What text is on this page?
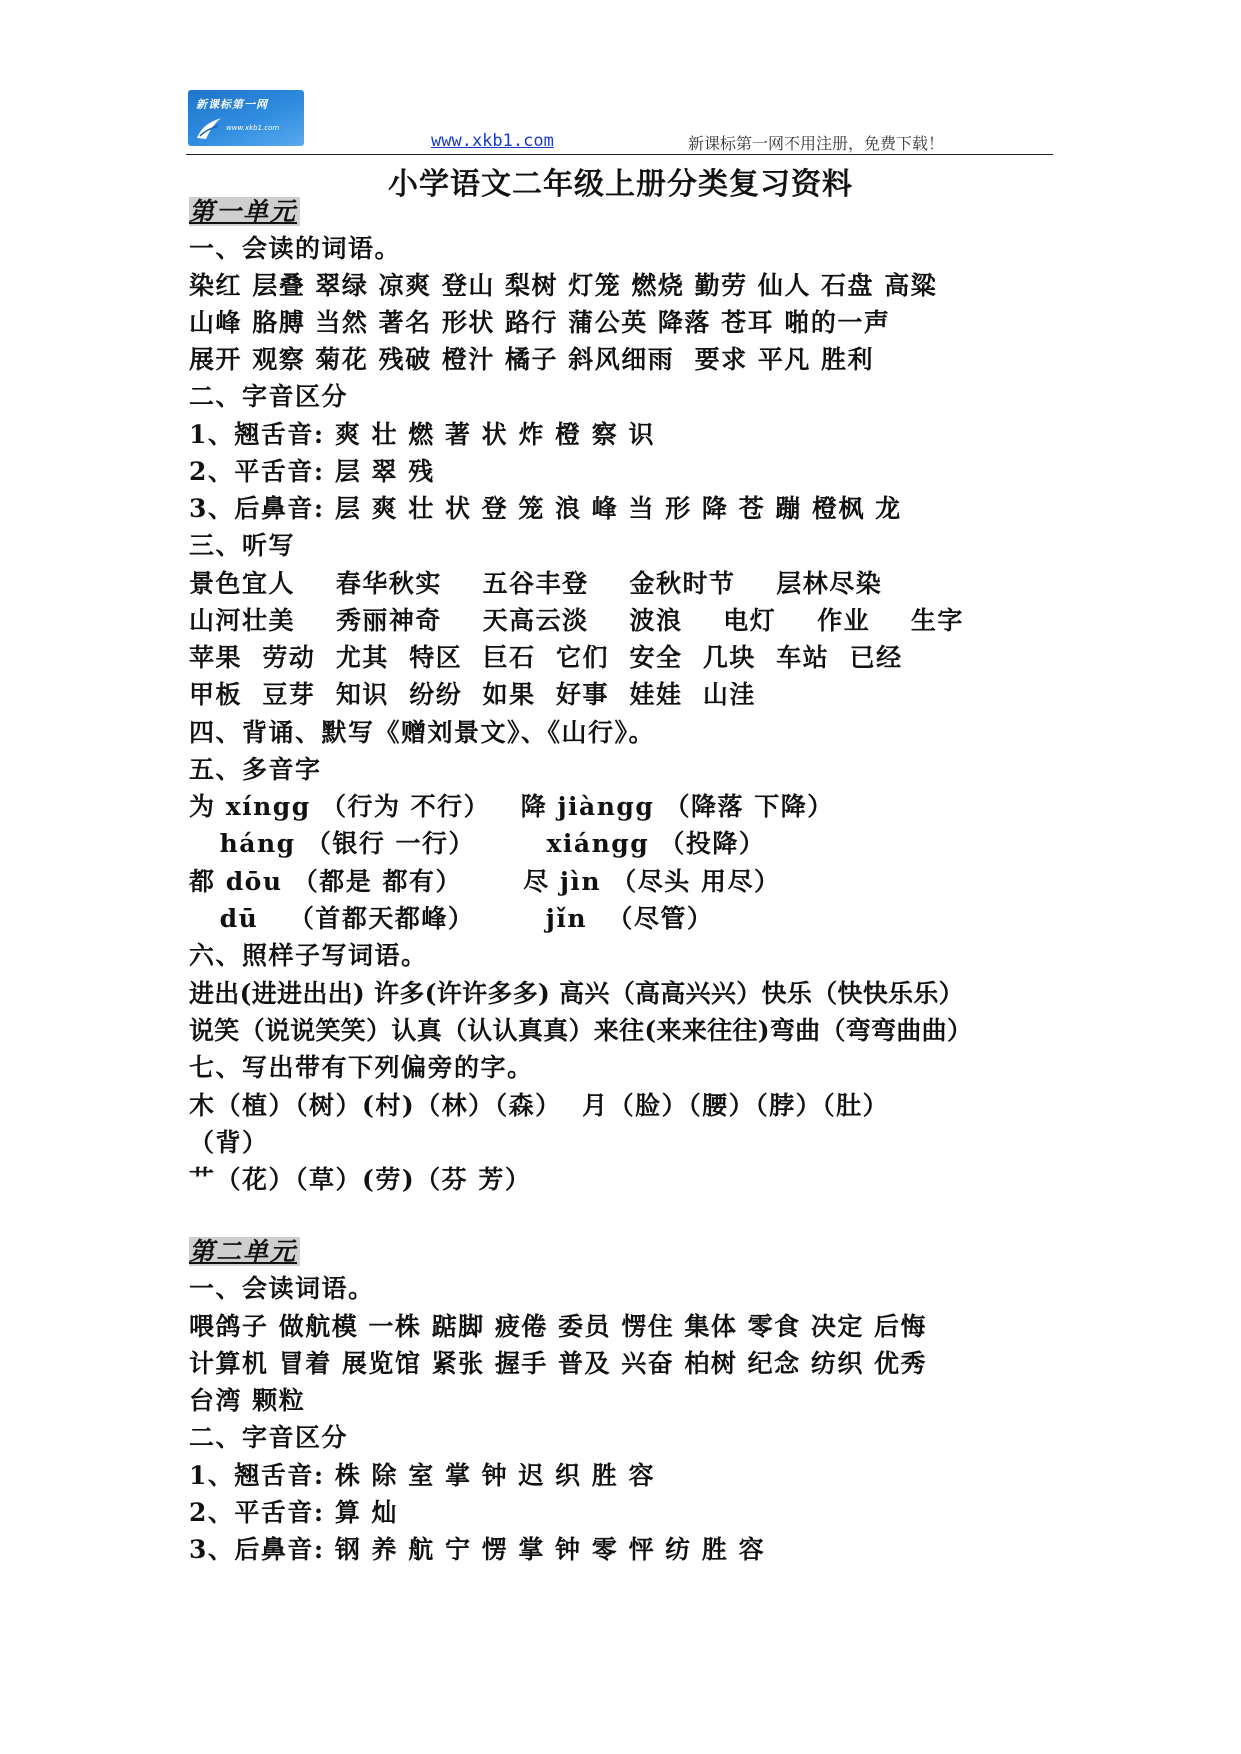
新课标第一网
www.xkb1.com
www.xkb1.com	新课标第一网不用注册，免费下载！
小学语文二年级上册分类复习资料
第一单元
一、会读的词语。
染红 层叠 翠绿 凉爽 登山 梨树 灯笼 燃烧 勤劳 仙人 石盘 高粱
山峰 胳膊 当然 著名 形状 路行 蒲公英 降落 苍耳 啪的一声
展开 观察 菊花 残破 橙汁 橘子 斜风细雨  要求 平凡 胜利
二、字音区分
1、翘舌音: 爽 壮 燃 著 状 炸 橙 察 识
2、平舌音: 层 翠 残
3、后鼻音: 层 爽 壮 状 登 笼 浪 峰 当 形 降 苍 蹦 橙枫 龙
三、听写
景色宜人    春华秋实    五谷丰登    金秋时节    层林尽染
山河壮美    秀丽神奇    天高云淡    波浪    电灯    作业    生字
苹果  劳动  尤其  特区  巨石  它们  安全  几块  车站  已经
甲板  豆芽  知识  纷纷  如果  好事  娃娃  山洼
四、背诵、默写《赠刘景文》、《山行》。
五、多音字
为 xíngg （行为 不行）   降 jiàngg （降落 下降）
háng （银行 一行）       xiángg （投降）
都 dōu （都是 都有）      尽 jìn （尽头 用尽）
dū   （首都天都峰）       jǐn  （尽管）
六、照样子写词语。
进出(进进出出) 许多(许许多多) 高兴（高高兴兴）快乐（快快乐乐）
说笑（说说笑笑）认真（认认真真）来往(来来往往)弯曲（弯弯曲曲）
七、写出带有下列偏旁的字。
木（植）（树）(村)（林）（森）  月（脸）（腰）（脖）（肚）
（背）
艹（花）（草）(劳)（芬 芳）
第二单元
一、会读词语。
喂鸽子 做航模 一株 踮脚 疲倦 委员 愣住 集体 零食 决定 后悔
计算机 冒着 展览馆 紧张 握手 普及 兴奋 柏树 纪念 纺织 优秀
台湾 颗粒
二、字音区分
1、翘舌音: 株 除 室 掌 钟 迟 织 胜 容
2、平舌音: 算 灿
3、后鼻音: 钢 养 航 宁 愣 掌 钟 零 怦 纺 胜 容
